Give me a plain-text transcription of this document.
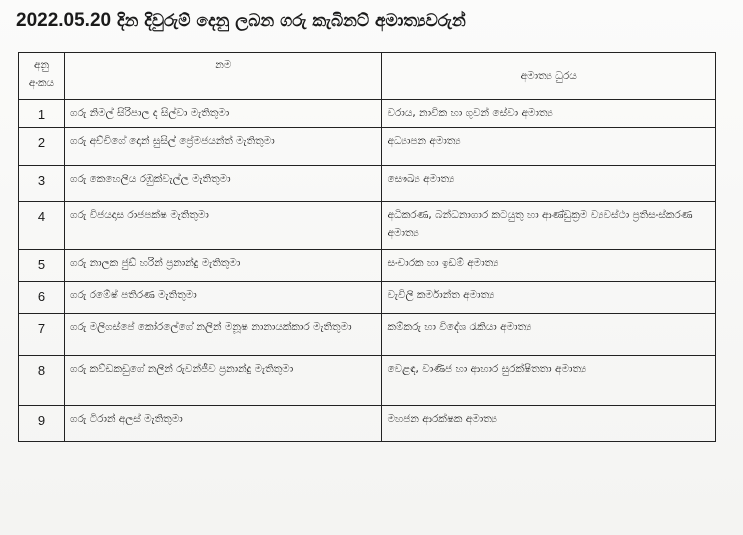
2022.05.20 දින දිවුරුම් දෙනු ලබන ගරු කැබිනට් අමාත්‍යවරුන්
අනු අංකය	නම	අමාත්‍ය ධුරය
1	ගරු නිමල් සිරිපාල ද සිල්වා මැතිතුමා	වරාය, නාවික හා ගුවන් සේවා අමාත්‍ය
2	ගරු අච්චිගේ දොන් සුසිල් ප්‍රේමජයන්ත් මැතිතුමා	අධ්‍යාපන අමාත්‍ය
3	ගරු කෙහෙලිය රඹුක්වැල්ල මැතිතුමා	සෞඛ්‍ය අමාත්‍ය
4	ගරු විජයදාස රාජපක්ෂ මැතිතුමා	අධිකරණ, බන්ධනාගාර කටයුතු හා ආණ්ඩුක්‍රම ව්‍යවස්ථා ප්‍රතිසංස්කරණ අමාත්‍ය
5	ගරු නාලක ජුඩ් හරින් ප්‍රනාන්දු මැතිතුමා	සංචාරක හා ඉඩම් අමාත්‍ය
6	ගරු රමේෂ් පතිරණ මැතිතුමා	වැවිලි කර්මාන්ත අමාත්‍ය
7	ගරු මලිගස්පේ කෝරලේගේ නලින් මනූෂ නානායක්කාර මැතිතුමා	කම්කරු හා විදේශ රැකියා අමාත්‍ය
8	ගරු කව්ඩකඩුගේ නලින් රුවන්ජීව ප්‍රනාන්දු මැතිතුමා	වෙළඳ, වාණිජ හා ආහාර සුරක්ෂිතතා අමාත්‍ය
9	ගරු ටිරාන් අලස් මැතිතුමා	මහජන ආරක්ෂක අමාත්‍ය
